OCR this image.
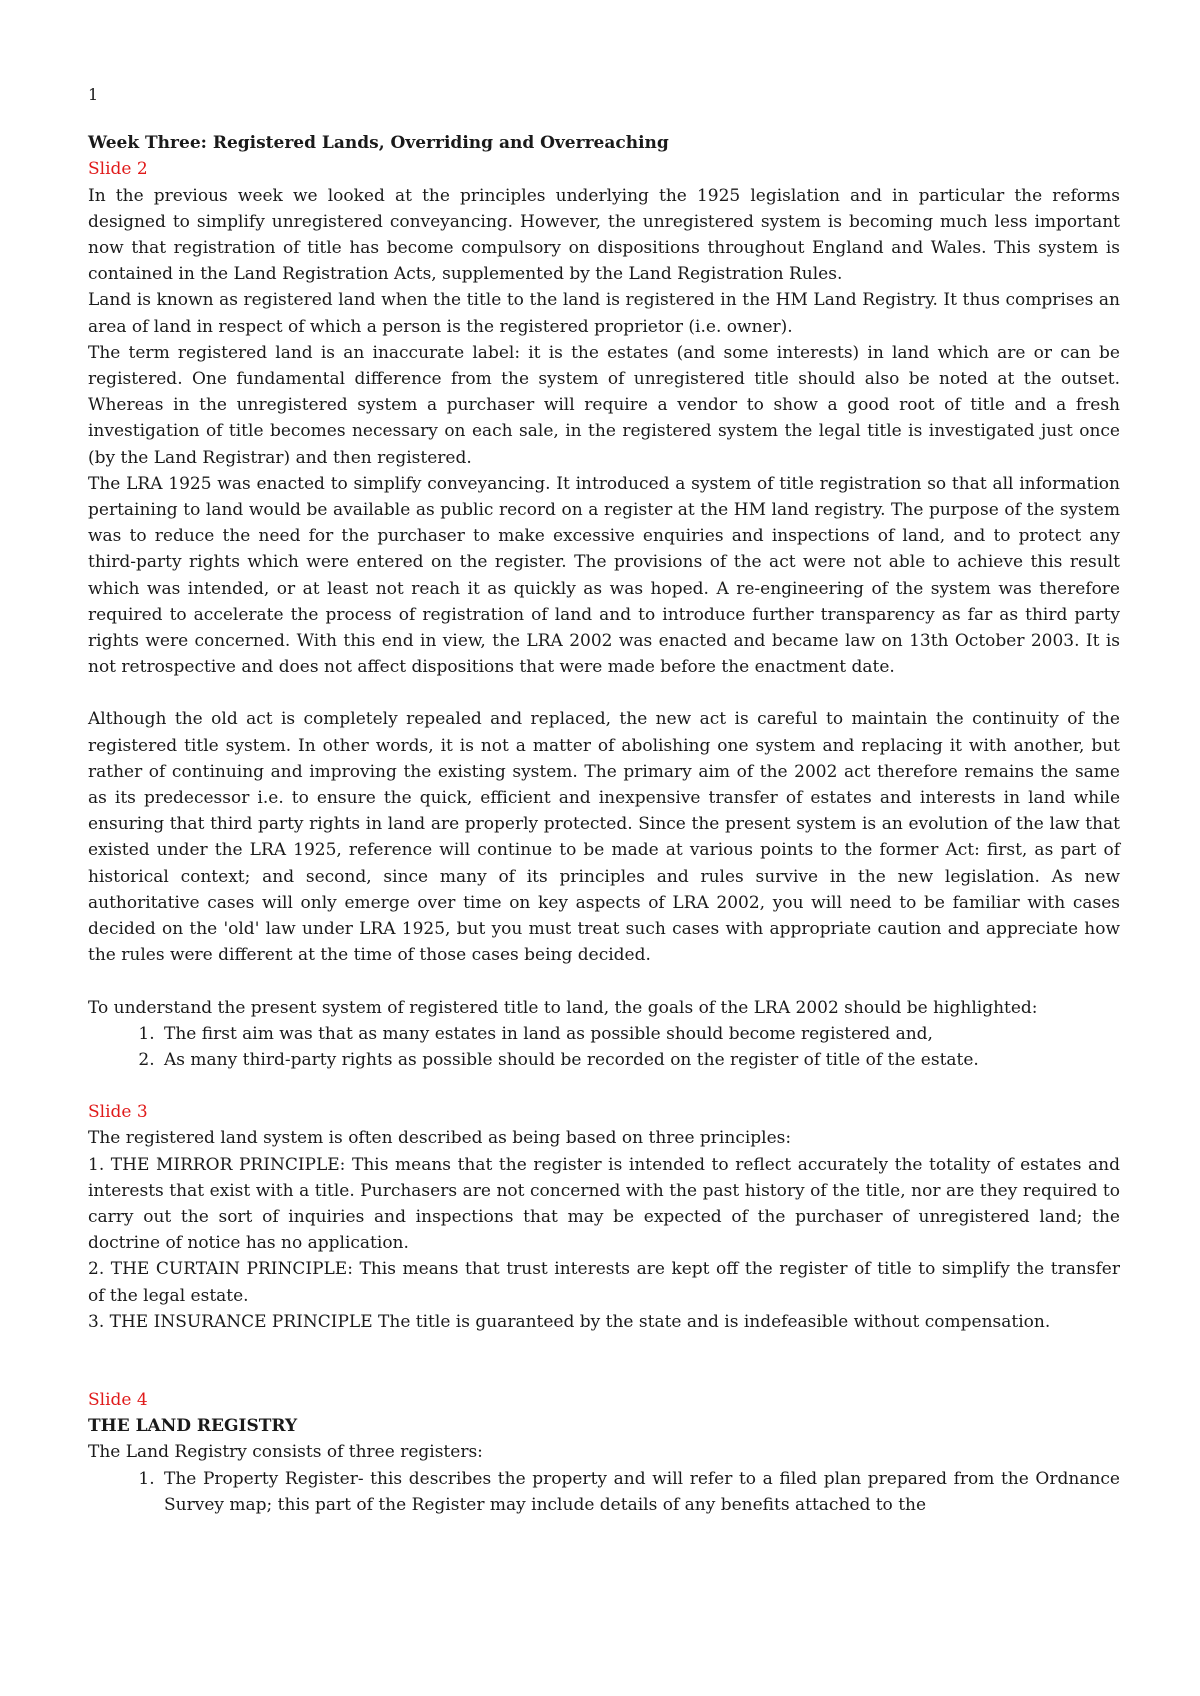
1

Week Three: Registered Lands, Overriding and Overreaching

Slide 2

In the previous week we looked at the principles underlying the 1925 legislation and in particular the reforms designed to simplify unregistered conveyancing. However, the unregistered system is becoming much less important now that registration of title has become compulsory on dispositions throughout England and Wales. This system is contained in the Land Registration Acts, supplemented by the Land Registration Rules.

Land is known as registered land when the title to the land is registered in the HM Land Registry. It thus comprises an area of land in respect of which a person is the registered proprietor (i.e. owner).

The term registered land is an inaccurate label: it is the estates (and some interests) in land which are or can be registered. One fundamental difference from the system of unregistered title should also be noted at the outset. Whereas in the unregistered system a purchaser will require a vendor to show a good root of title and a fresh investigation of title becomes necessary on each sale, in the registered system the legal title is investigated just once (by the Land Registrar) and then registered.

The LRA 1925 was enacted to simplify conveyancing. It introduced a system of title registration so that all information pertaining to land would be available as public record on a register at the HM land registry. The purpose of the system was to reduce the need for the purchaser to make excessive enquiries and inspections of land, and to protect any third-party rights which were entered on the register. The provisions of the act were not able to achieve this result which was intended, or at least not reach it as quickly as was hoped. A re-engineering of the system was therefore required to accelerate the process of registration of land and to introduce further transparency as far as third party rights were concerned. With this end in view, the LRA 2002 was enacted and became law on 13th October 2003. It is not retrospective and does not affect dispositions that were made before the enactment date.

Although the old act is completely repealed and replaced, the new act is careful to maintain the continuity of the registered title system. In other words, it is not a matter of abolishing one system and replacing it with another, but rather of continuing and improving the existing system. The primary aim of the 2002 act therefore remains the same as its predecessor i.e. to ensure the quick, efficient and inexpensive transfer of estates and interests in land while ensuring that third party rights in land are properly protected. Since the present system is an evolution of the law that existed under the LRA 1925, reference will continue to be made at various points to the former Act: first, as part of historical context; and second, since many of its principles and rules survive in the new legislation. As new authoritative cases will only emerge over time on key aspects of LRA 2002, you will need to be familiar with cases decided on the 'old' law under LRA 1925, but you must treat such cases with appropriate caution and appreciate how the rules were different at the time of those cases being decided.

To understand the present system of registered title to land, the goals of the LRA 2002 should be highlighted:

1. The first aim was that as many estates in land as possible should become registered and,
2. As many third-party rights as possible should be recorded on the register of title of the estate.

Slide 3

The registered land system is often described as being based on three principles:

1. THE MIRROR PRINCIPLE: This means that the register is intended to reflect accurately the totality of estates and interests that exist with a title. Purchasers are not concerned with the past history of the title, nor are they required to carry out the sort of inquiries and inspections that may be expected of the purchaser of unregistered land; the doctrine of notice has no application.

2. THE CURTAIN PRINCIPLE: This means that trust interests are kept off the register of title to simplify the transfer of the legal estate.

3. THE INSURANCE PRINCIPLE The title is guaranteed by the state and is indefeasible without compensation.

Slide 4

THE LAND REGISTRY

The Land Registry consists of three registers:

1. The Property Register- this describes the property and will refer to a filed plan prepared from the Ordnance Survey map; this part of the Register may include details of any benefits attached to the
